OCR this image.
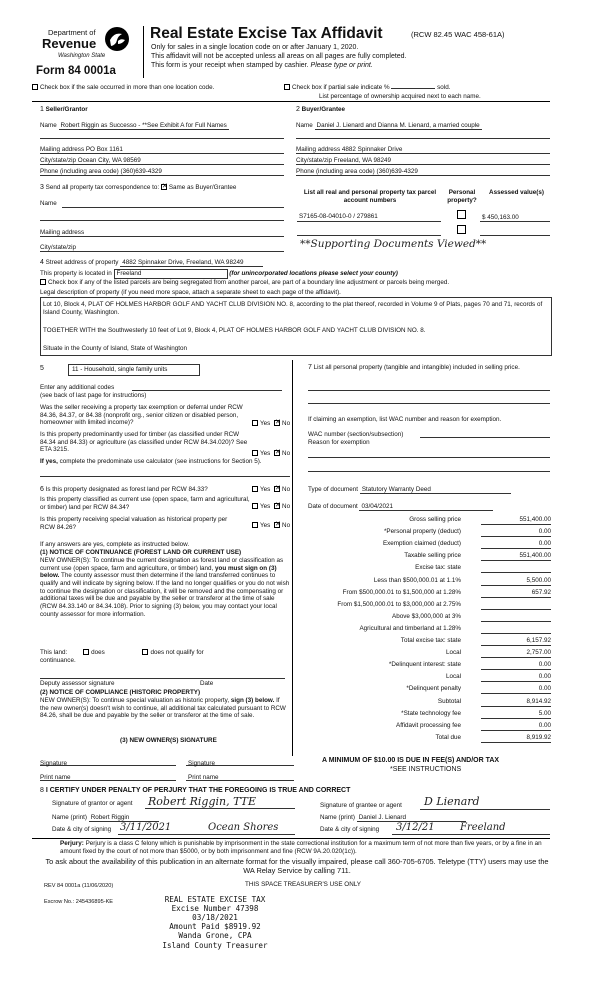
Department of
Revenue
Washington State
Form 84 0001a
Real Estate Excise Tax Affidavit	(RCW 82.45 WAC 458-61A)
Only for sales in a single location code on or after January 1, 2020.
This affidavit will not be accepted unless all areas on all pages are fully completed.
This form is your receipt when stamped by cashier. Please type or print.
Check box if the sale occurred in more than one location code.	Check box if partial sale indicate %	sold.
List percentage of ownership acquired next to each name.
1 Seller/Grantor
Name Robert Riggin as Successo - **See Exhibit A for Full Names
Mailing address PO Box 1161
City/state/zip Ocean City, WA 98569
Phone (including area code) (360)639-4329
2 Buyer/Grantee
Name Daniel J. Lienard and Dianna M. Lienard, a married couple
Mailing address 4882 Spinnaker Drive
City/state/zip Freeland, WA 98249
Phone (including area code) (360)639-4329
3 Send all property tax correspondence to: ✕ Same as Buyer/Grantee
Name
Mailing address
City/state/zip
List all real and personal property tax parcel account numbers
Personal property?
Assessed value(s)
S7165-08-04010-0 / 279861	$ 450,163.00
**Supporting Documents Viewed**
4 Street address of property 4882 Spinnaker Drive, Freeland, WA 98249
This property is located in Freeland	(for unincorporated locations please select your county)
Check box if any of the listed parcels are being segregated from another parcel, are part of a boundary line adjustment or parcels being merged.
Legal description of property (if you need more space, attach a separate sheet to each page of the affidavit).
Lot 10, Block 4, PLAT OF HOLMES HARBOR GOLF AND YACHT CLUB DIVISION NO. 8, according to the plat thereof, recorded in Volume 9 of Plats, pages 70 and 71, records of Island County, Washington.
TOGETHER WITH the Southwesterly 10 feet of Lot 9, Block 4, PLAT OF HOLMES HARBOR GOLF AND YACHT CLUB DIVISION NO. 8.
Situate in the County of Island, State of Washington
5	11 - Household, single family units
Enter any additional codes
(see back of last page for instructions)
Was the seller receiving a property tax exemption or deferral under RCW 84.36, 84.37, or 84.38 (nonprofit org., senior citizen or disabled person, homeowner with limited income)?	Yes ✕ No
Is this property predominantly used for timber (as classified under RCW 84.34 and 84.33) or agriculture (as classified under RCW 84.34.020)? See ETA 3215.
Yes ✕ No
If yes, complete the predominate use calculator (see instructions for Section 5).
7 List all personal property (tangible and intangible) included in selling price.
If claiming an exemption, list WAC number and reason for exemption.
WAC number (section/subsection)
Reason for exemption
6 Is this property designated as forest land per RCW 84.33?	Yes ✕ No
Is this property classified as current use (open space, farm and agricultural, or timber) land per RCW 84.34?	Yes ✕ No
Is this property receiving special valuation as historical property per RCW 84.26?	Yes ✕ No
If any answers are yes, complete as instructed below.
(1) NOTICE OF CONTINUANCE (FOREST LAND OR CURRENT USE)
NEW OWNER(S): To continue the current designation as forest land or classification as current use (open space, farm and agriculture, or timber) land, you must sign on (3) below. The county assessor must then determine if the land transferred continues to qualify and will indicate by signing below. If the land no longer qualifies or you do not wish to continue the designation or classification, it will be removed and the compensating or additional taxes will be due and payable by the seller or transferor at the time of sale (RCW 84.33.140 or 84.34.108). Prior to signing (3) below, you may contact your local county assessor for more information.
This land:	does	does not qualify for
continuance.
Deputy assessor signature	Date
(2) NOTICE OF COMPLIANCE (HISTORIC PROPERTY)
NEW OWNER(S): To continue special valuation as historic property, sign (3) below. If the new owner(s) doesn't wish to continue, all additional tax calculated pursuant to RCW 84.26, shall be due and payable by the seller or transferor at the time of sale.
(3) NEW OWNER(S) SIGNATURE
Signature	Signature
Print name	Print name
Type of document Statutory Warranty Deed
Date of document 03/04/2021
Gross selling price	551,400.00
*Personal property (deduct)	0.00
Exemption claimed (deduct)	0.00
Taxable selling price	551,400.00
Excise tax: state
Less than $500,000.01 at 1.1%	5,500.00
From $500,000.01 to $1,500,000 at 1.28%	657.92
From $1,500,000.01 to $3,000,000 at 2.75%
Above $3,000,000 at 3%
Agricultural and timberland at 1.28%
Total excise tax: state	6,157.92
Local	2,757.00
*Delinquent interest: state	0.00
Local	0.00
*Delinquent penalty	0.00
Subtotal	8,914.92
*State technology fee	5.00
Affidavit processing fee	0.00
Total due	8,919.92
A MINIMUM OF $10.00 IS DUE IN FEE(S) AND/OR TAX
*SEE INSTRUCTIONS
8 I CERTIFY UNDER PENALTY OF PERJURY THAT THE FOREGOING IS TRUE AND CORRECT
Signature of grantor or agent Robert Riggin, TTE
Name (print) Robert Riggin
Date & city of signing 3/11/2021	Ocean Shores
Signature of grantee or agent D Lienard
Name (print) Daniel J. Lienard
Date & city of signing 3/12/21	Freeland
Perjury: Perjury is a class C felony which is punishable by imprisonment in the state correctional institution for a maximum term of not more than five years, or by a fine in an amount fixed by the court of not more than $5000, or by both imprisonment and fine (RCW 9A.20.020(1c)).
To ask about the availability of this publication in an alternate format for the visually impaired, please call 360-705-6705. Teletype (TTY) users may use the WA Relay Service by calling 711.
REV 84 0001a (11/06/2020)	THIS SPACE TREASURER'S USE ONLY
Escrow No.: 245436895-KE	REAL ESTATE EXCISE TAX
Excise Number 47398
03/18/2021
Amount Paid $8919.92
Wanda Grone, CPA
Island County Treasurer
